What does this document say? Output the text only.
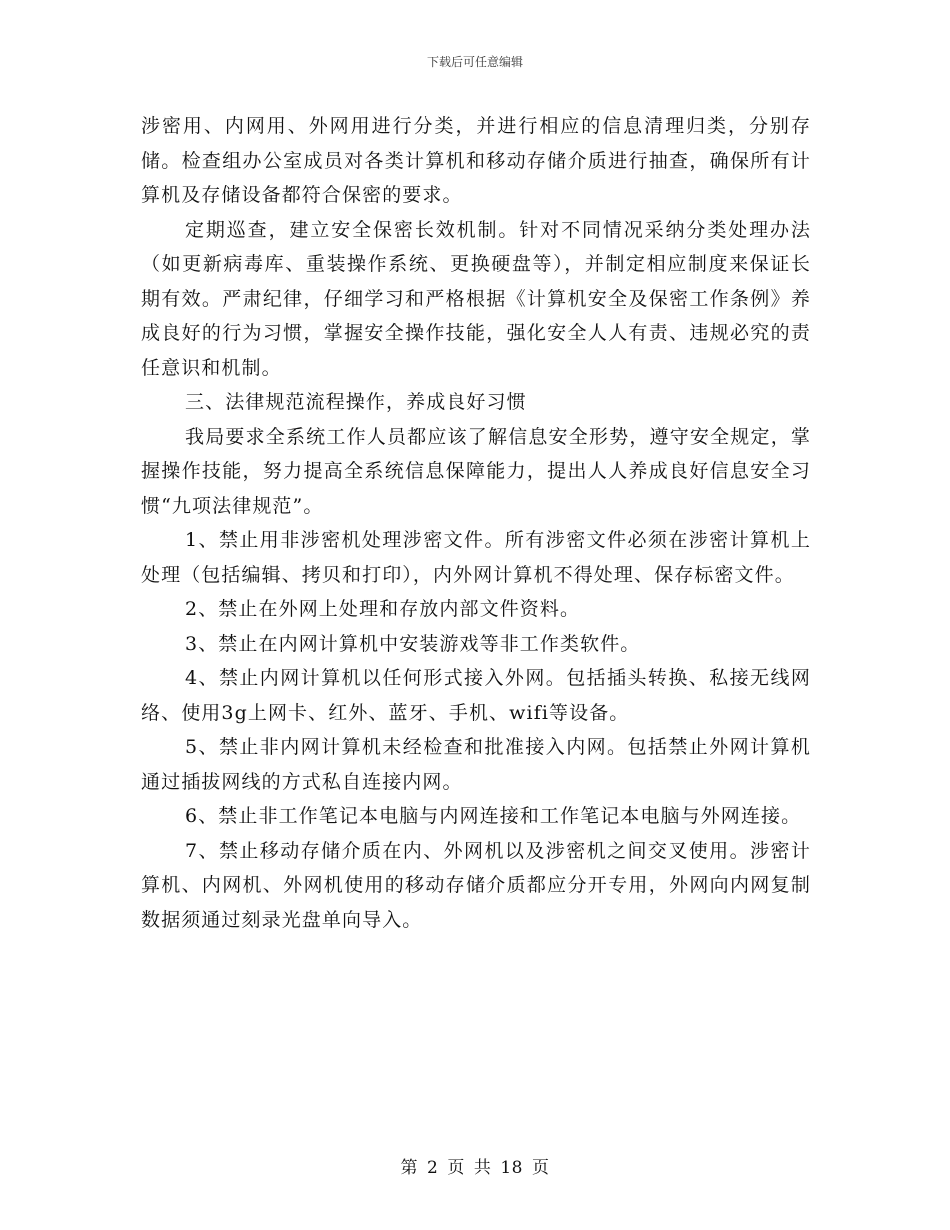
下载后可任意编辑

涉密用、内网用、外网用进行分类，并进行相应的信息清理归类，分别存储。检查组办公室成员对各类计算机和移动存储介质进行抽查，确保所有计算机及存储设备都符合保密的要求。

定期巡查，建立安全保密长效机制。针对不同情况采纳分类处理办法（如更新病毒库、重装操作系统、更换硬盘等），并制定相应制度来保证长期有效。严肃纪律，仔细学习和严格根据《计算机安全及保密工作条例》养成良好的行为习惯，掌握安全操作技能，强化安全人人有责、违规必究的责任意识和机制。

三、法律规范流程操作，养成良好习惯

我局要求全系统工作人员都应该了解信息安全形势，遵守安全规定，掌握操作技能，努力提高全系统信息保障能力，提出人人养成良好信息安全习惯“九项法律规范”。

1、禁止用非涉密机处理涉密文件。所有涉密文件必须在涉密计算机上处理（包括编辑、拷贝和打印），内外网计算机不得处理、保存标密文件。

2、禁止在外网上处理和存放内部文件资料。

3、禁止在内网计算机中安装游戏等非工作类软件。

4、禁止内网计算机以任何形式接入外网。包括插头转换、私接无线网络、使用3g上网卡、红外、蓝牙、手机、wifi等设备。

5、禁止非内网计算机未经检查和批准接入内网。包括禁止外网计算机通过插拔网线的方式私自连接内网。

6、禁止非工作笔记本电脑与内网连接和工作笔记本电脑与外网连接。

7、禁止移动存储介质在内、外网机以及涉密机之间交叉使用。涉密计算机、内网机、外网机使用的移动存储介质都应分开专用，外网向内网复制数据须通过刻录光盘单向导入。

第 2 页 共 18 页
